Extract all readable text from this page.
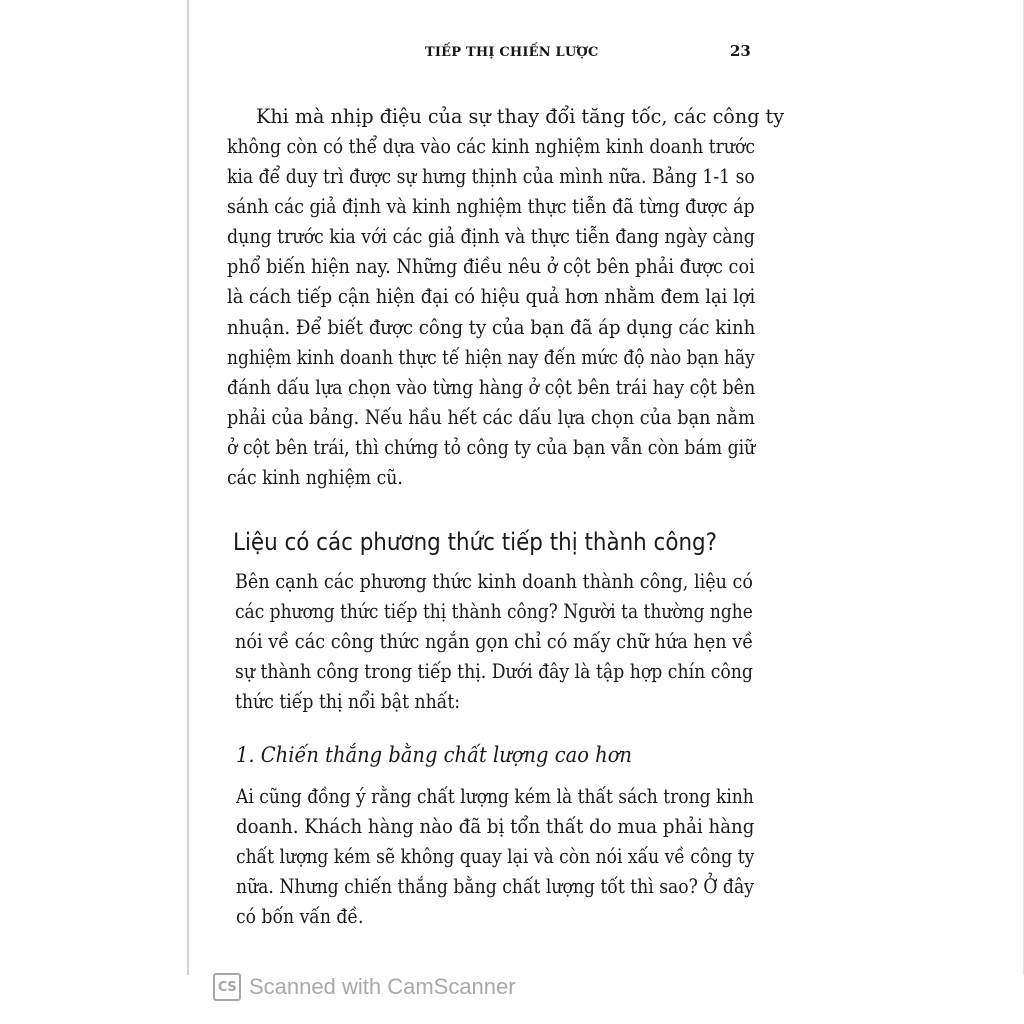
TIẾP THỊ CHIẾN LƯỢC	23
Khi mà nhịp điệu của sự thay đổi tăng tốc, các công ty
không còn có thể dựa vào các kinh nghiệm kinh doanh trước
kia để duy trì được sự hưng thịnh của mình nữa. Bảng 1-1 so
sánh các giả định và kinh nghiệm thực tiễn đã từng được áp
dụng trước kia với các giả định và thực tiễn đang ngày càng
phổ biến hiện nay. Những điều nêu ở cột bên phải được coi
là cách tiếp cận hiện đại có hiệu quả hơn nhằm đem lại lợi
nhuận. Để biết được công ty của bạn đã áp dụng các kinh
nghiệm kinh doanh thực tế hiện nay đến mức độ nào bạn hãy
đánh dấu lựa chọn vào từng hàng ở cột bên trái hay cột bên
phải của bảng. Nếu hầu hết các dấu lựa chọn của bạn nằm
ở cột bên trái, thì chứng tỏ công ty của bạn vẫn còn bám giữ
các kinh nghiệm cũ.
Liệu có các phương thức tiếp thị thành công?
Bên cạnh các phương thức kinh doanh thành công, liệu có
các phương thức tiếp thị thành công? Người ta thường nghe
nói về các công thức ngắn gọn chỉ có mấy chữ hứa hẹn về
sự thành công trong tiếp thị. Dưới đây là tập hợp chín công
thức tiếp thị nổi bật nhất:
1. Chiến thắng bằng chất lượng cao hơn
Ai cũng đồng ý rằng chất lượng kém là thất sách trong kinh
doanh. Khách hàng nào đã bị tổn thất do mua phải hàng
chất lượng kém sẽ không quay lại và còn nói xấu về công ty
nữa. Nhưng chiến thắng bằng chất lượng tốt thì sao? Ở đây
có bốn vấn đề.
CS Scanned with CamScanner
